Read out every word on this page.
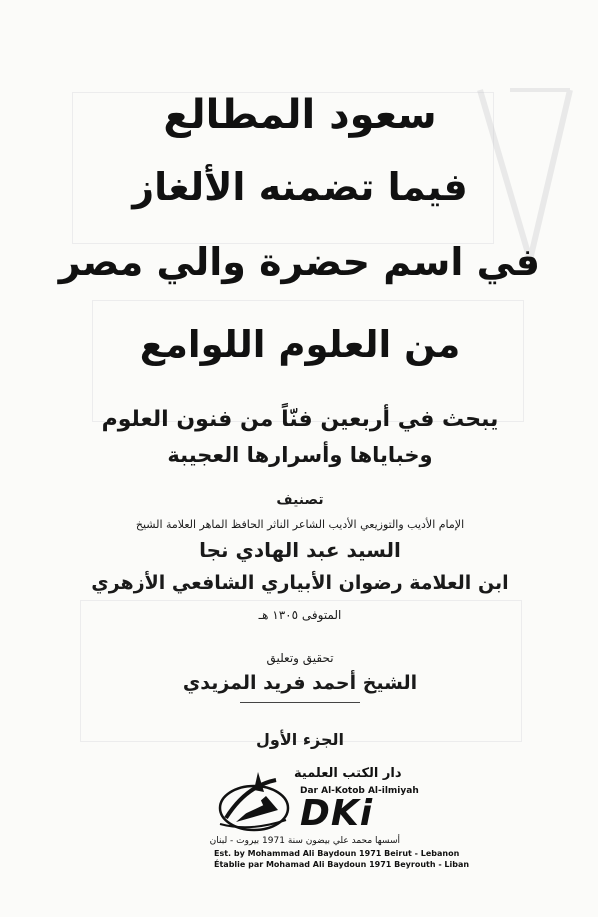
سعود المطالع
فيما تضمنه الألغاز
في اسم حضرة والي مصر
من العلوم اللوامع
يبحث في أربعين فنّاً من فنون العلوم
وخباياها وأسرارها العجيبة
تصنيف
الإمام الأديب والتوزيعي الأديب الشاعر الناثر الحافظ الماهر العلامة الشيخ
السيد عبد الهادي نجا
ابن العلامة رضوان الأبياري الشافعي الأزهري
المتوفى ١٣٠٥ هـ
تحقيق وتعليق
الشيخ أحمد فريد المزيدي
الجزء الأول
دار الكتب العلمية
Dar Al-Kotob Al-ilmiyah
DKi
أسسها محمد علي بيضون سنة 1971 بيروت - لبنان
Est. by Mohammad Ali Baydoun 1971 Beirut - Lebanon
Établie par Mohamad Ali Baydoun 1971 Beyrouth - Liban
